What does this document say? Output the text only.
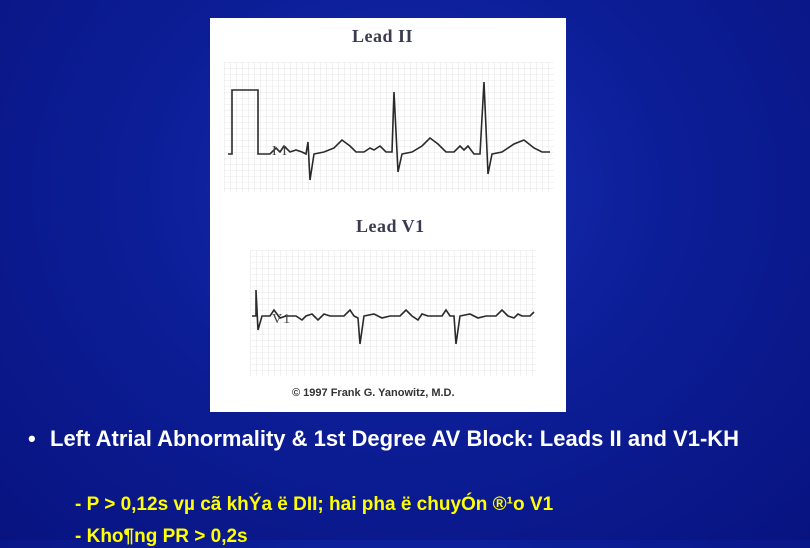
Lead II
I I
Lead V1
V1
© 1997 Frank G. Yanowitz, M.D.
• Left Atrial Abnormality & 1st Degree AV Block: Leads II and V1-KH
- P > 0,12s vµ cã khÝa ë DII; hai pha ë chuyÓn ®¹o V1
- Kho¶ng PR > 0,2s
